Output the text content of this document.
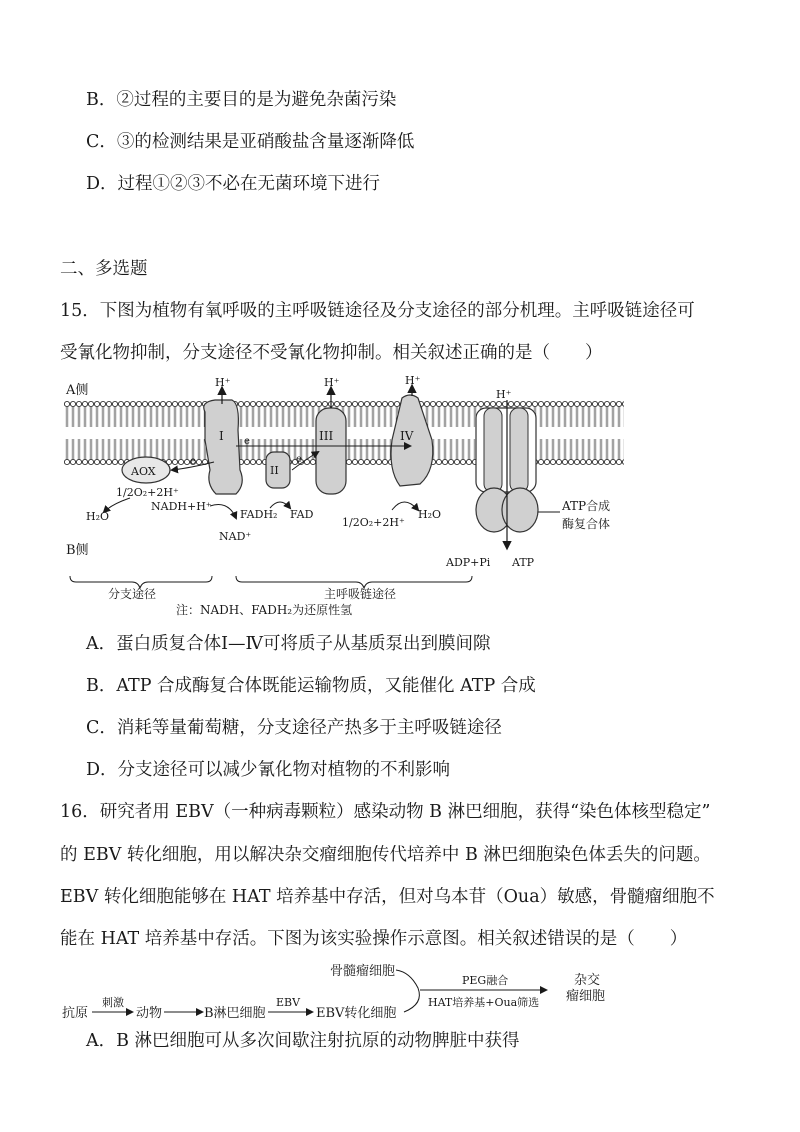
B．②过程的主要目的是为避免杂菌污染
C．③的检测结果是亚硝酸盐含量逐渐降低
D．过程①②③不必在无菌环境下进行
二、多选题
15．下图为植物有氧呼吸的主呼吸链途径及分支途径的部分机理。主呼吸链途径可
受氰化物抑制，分支途径不受氰化物抑制。相关叙述正确的是（　　）
A侧
B侧
I
H⁺
III
H⁺
IV
H⁺
II
AOX
e
e
e
1/2O₂+2H⁺
H₂O
NADH+H⁺
NAD⁺
FADH₂ FAD
1/2O₂+2H⁺
H₂O
H⁺
ATP合成
酶复合体
ADP+Pi ATP
分支途径	主呼吸链途径
注：NADH、FADH₂为还原性氢
抗原
刺激
动物	B淋巴细胞
EBV
EBV转化细胞
骨髓瘤细胞
PEG融合
HAT培养基+Oua筛选
杂交
瘤细胞
A．蛋白质复合体Ⅰ—Ⅳ可将质子从基质泵出到膜间隙
B．ATP 合成酶复合体既能运输物质，又能催化 ATP 合成
C．消耗等量葡萄糖，分支途径产热多于主呼吸链途径
D．分支途径可以减少氰化物对植物的不利影响
16．研究者用 EBV（一种病毒颗粒）感染动物 B 淋巴细胞，获得“染色体核型稳定”
的 EBV 转化细胞，用以解决杂交瘤细胞传代培养中 B 淋巴细胞染色体丢失的问题。
EBV 转化细胞能够在 HAT 培养基中存活，但对乌本苷（Oua）敏感，骨髓瘤细胞不
能在 HAT 培养基中存活。下图为该实验操作示意图。相关叙述错误的是（　　）
A．B 淋巴细胞可从多次间歇注射抗原的动物脾脏中获得
